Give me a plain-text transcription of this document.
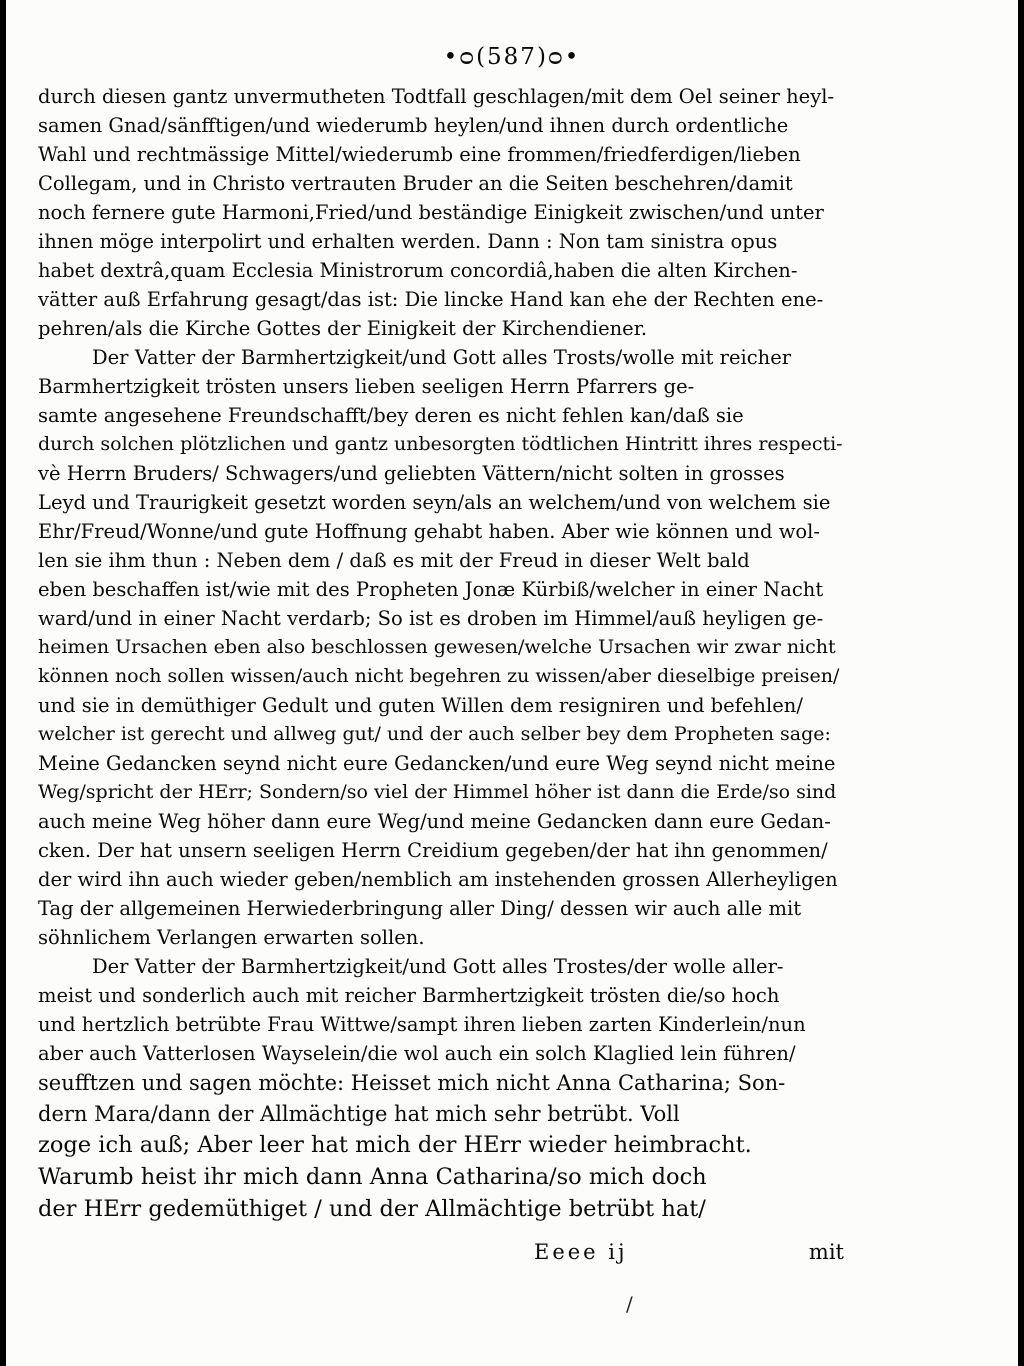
•ᴑ(587)ᴑ•
durch diesen gantz unvermutheten Todtfall geschlagen/mit dem Oel seiner heyl-
samen Gnad/sänfftigen/und wiederumb heylen/und ihnen durch ordentliche
Wahl und rechtmässige Mittel/wiederumb eine frommen/friedferdigen/lieben
Collegam, und in Christo vertrauten Bruder an die Seiten beschehren/damit
noch fernere gute Harmoni,Fried/und beständige Einigkeit zwischen/und unter
ihnen möge interpolirt und erhalten werden. Dann : Non tam sinistra opus
habet dextrâ,quam Ecclesia Ministrorum concordiâ,haben die alten Kirchen-
vätter auß Erfahrung gesagt/das ist: Die lincke Hand kan ehe der Rechten ene-
pehren/als die Kirche Gottes der Einigkeit der Kirchendiener.
Der Vatter der Barmhertzigkeit/und Gott alles Trosts/wolle mit reicher
Barmhertzigkeit trösten unsers lieben seeligen Herrn Pfarrers ge-
samte angesehene Freundschafft/bey deren es nicht fehlen kan/daß sie
durch solchen plötzlichen und gantz unbesorgten tödtlichen Hintritt ihres respecti-
vè Herrn Bruders/ Schwagers/und geliebten Vättern/nicht solten in grosses
Leyd und Traurigkeit gesetzt worden seyn/als an welchem/und von welchem sie
Ehr/Freud/Wonne/und gute Hoffnung gehabt haben. Aber wie können und wol-
len sie ihm thun : Neben dem / daß es mit der Freud in dieser Welt bald
eben beschaffen ist/wie mit des Propheten Jonæ Kürbiß/welcher in einer Nacht
ward/und in einer Nacht verdarb; So ist es droben im Himmel/auß heyligen ge-
heimen Ursachen eben also beschlossen gewesen/welche Ursachen wir zwar nicht
können noch sollen wissen/auch nicht begehren zu wissen/aber dieselbige preisen/
und sie in demüthiger Gedult und guten Willen dem resigniren und befehlen/
welcher ist gerecht und allweg gut/ und der auch selber bey dem Propheten sage:
Meine Gedancken seynd nicht eure Gedancken/und eure Weg seynd nicht meine
Weg/spricht der HErr; Sondern/so viel der Himmel höher ist dann die Erde/so sind
auch meine Weg höher dann eure Weg/und meine Gedancken dann eure Gedan-
cken. Der hat unsern seeligen Herrn Creidium gegeben/der hat ihn genommen/
der wird ihn auch wieder geben/nemblich am instehenden grossen Allerheyligen
Tag der allgemeinen Herwiederbringung aller Ding/ dessen wir auch alle mit
söhnlichem Verlangen erwarten sollen.
Der Vatter der Barmhertzigkeit/und Gott alles Trostes/der wolle aller-
meist und sonderlich auch mit reicher Barmhertzigkeit trösten die/so hoch
und hertzlich betrübte Frau Wittwe/sampt ihren lieben zarten Kinderlein/nun
aber auch Vatterlosen Wayselein/die wol auch ein solch Klaglied lein führen/
seufftzen und sagen möchte: Heisset mich nicht Anna Catharina; Son-
dern Mara/dann der Allmächtige hat mich sehr betrübt. Voll
zoge ich auß; Aber leer hat mich der HErr wieder heimbracht.
Warumb heist ihr mich dann Anna Catharina/so mich doch
der HErr gedemüthiget / und der Allmächtige betrübt hat/
Eeee ij	mit
/
